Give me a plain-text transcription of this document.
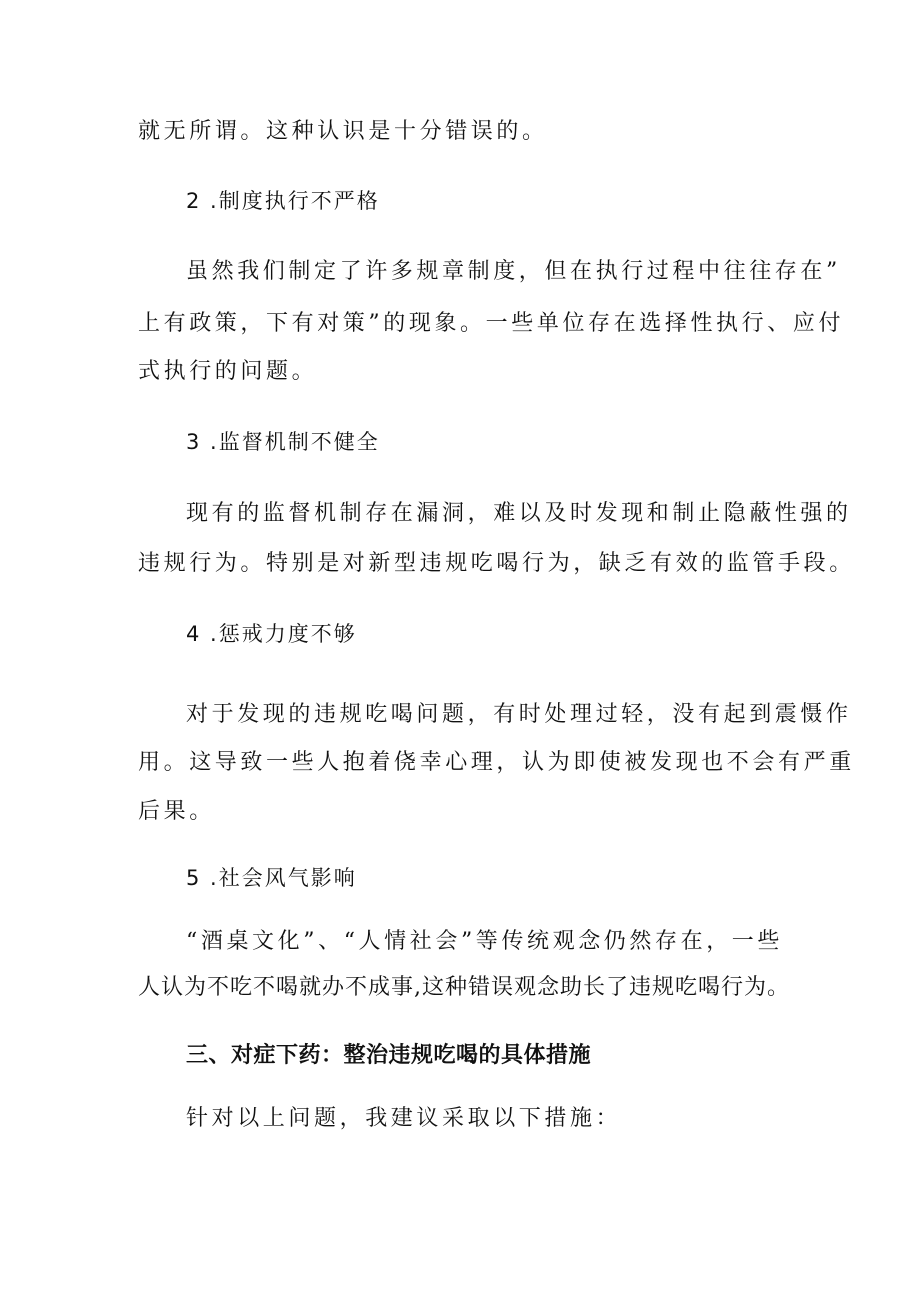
就无所谓。这种认识是十分错误的。
2 .制度执行不严格
虽然我们制定了许多规章制度，但在执行过程中往往存在”
上有政策，下有对策”的现象。一些单位存在选择性执行、应付
式执行的问题。
3 .监督机制不健全
现有的监督机制存在漏洞，难以及时发现和制止隐蔽性强的
违规行为。特别是对新型违规吃喝行为，缺乏有效的监管手段。
4 .惩戒力度不够
对于发现的违规吃喝问题，有时处理过轻，没有起到震慑作
用。这导致一些人抱着侥幸心理，认为即使被发现也不会有严重
后果。
5 .社会风气影响
“酒桌文化”、“人情社会”等传统观念仍然存在，一些
人认为不吃不喝就办不成事,这种错误观念助长了违规吃喝行为。
三、对症下药：整治违规吃喝的具体措施
针对以上问题，我建议采取以下措施：
